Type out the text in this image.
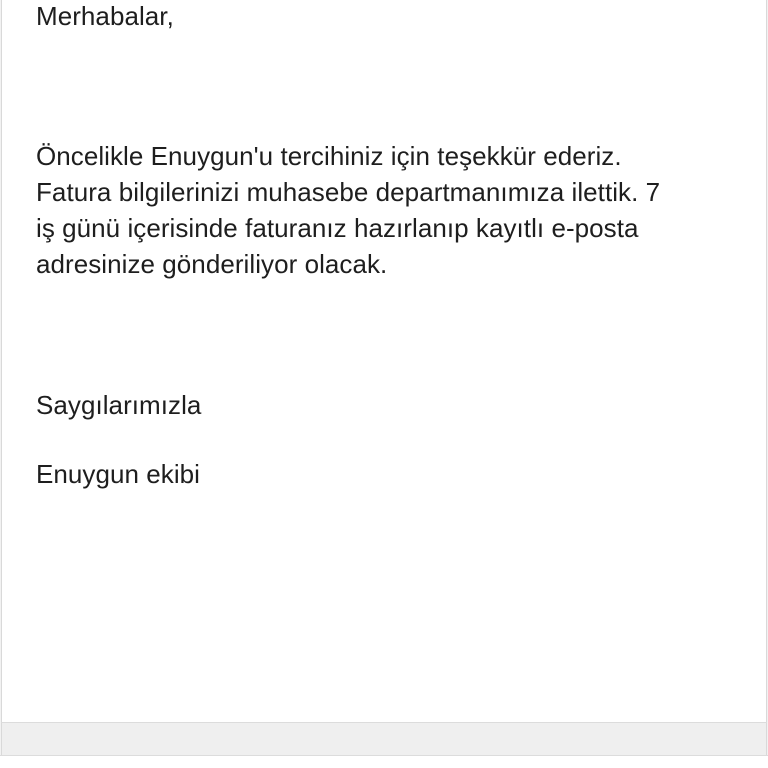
Merhabalar,
Öncelikle Enuygun'u tercihiniz için teşekkür ederiz.
Fatura bilgilerinizi muhasebe departmanımıza ilettik. 7
iş günü içerisinde faturanız hazırlanıp kayıtlı e-posta
adresinize gönderiliyor olacak.
Saygılarımızla
Enuygun ekibi
